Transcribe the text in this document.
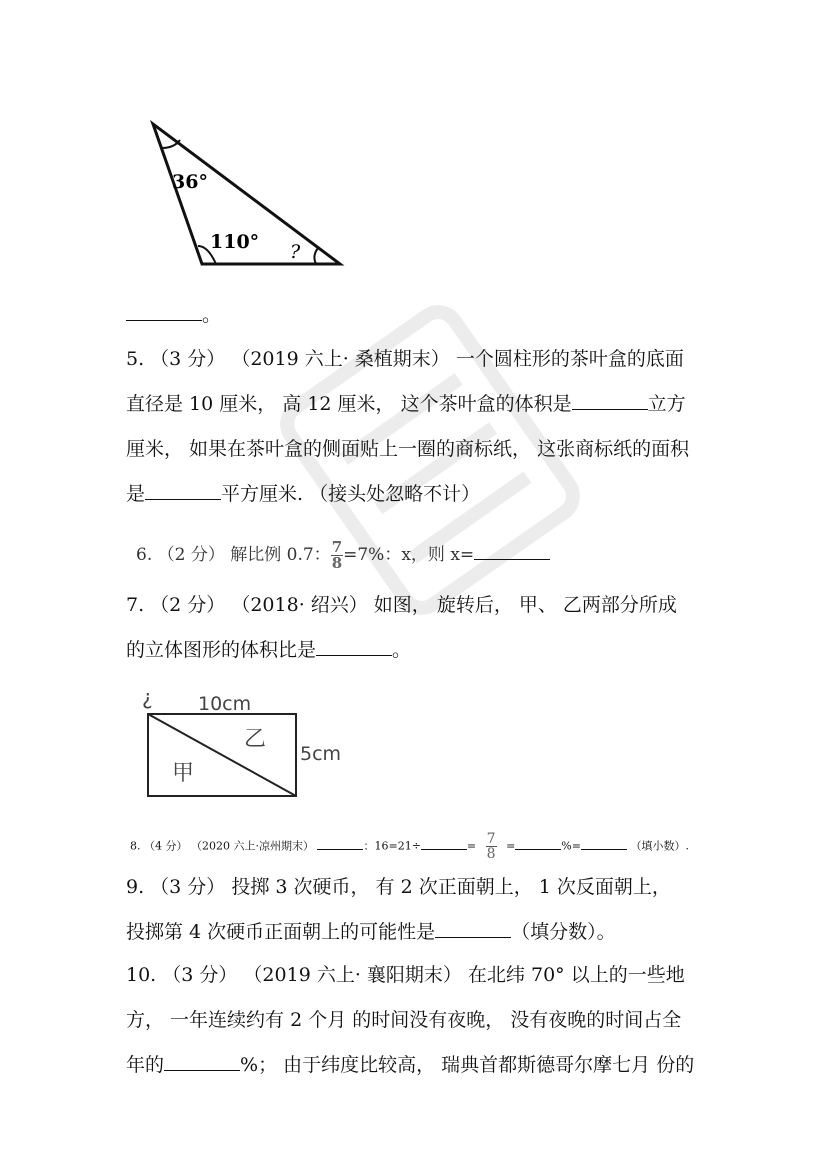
36°
110° ?
。
5. （3 分） （2019 六上· 桑植期末） 一个圆柱形的茶叶盒的底面
直径是 10 厘米， 高 12 厘米， 这个茶叶盒的体积是	立方
厘米， 如果在茶叶盒的侧面贴上一圈的商标纸， 这张商标纸的面积
是	平方厘米. （接头处忽略不计）
6. （2 分） 解比例 0.7： $\frac{7}{8} =7\%$：x，则 x=
7. （2 分） （2018· 绍兴） 如图， 旋转后， 甲、 乙两部分所成
的立体图形的体积比是	。
¿ 10cm
5cm
乙
甲
8. （4 分） （2020 六上·凉州期末）	：16=21÷	= $\frac{7}{8}$ =	%=	（填小数）.
9. （3 分） 投掷 3 次硬币， 有 2 次正面朝上， 1 次反面朝上，
投掷第 4 次硬币正面朝上的可能性是	（填分数）。
10. （3 分） （2019 六上· 襄阳期末） 在北纬 70° 以上的一些地
方， 一年连续约有 2 个月 的时间没有夜晚， 没有夜晚的时间占全
年的	%； 由于纬度比较高， 瑞典首都斯德哥尔摩七月 份的
